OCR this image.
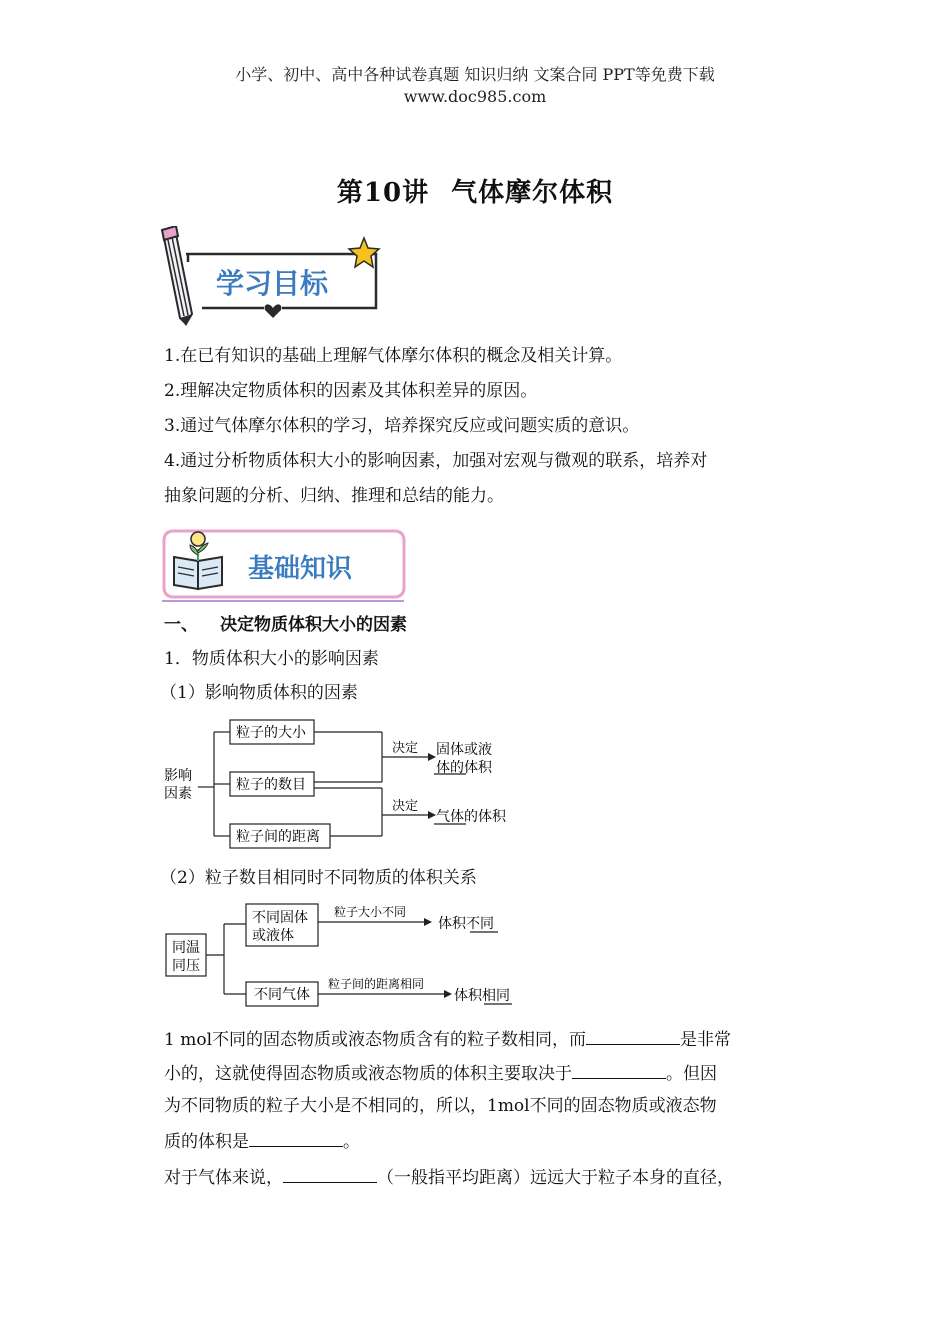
小学、初中、高中各种试卷真题 知识归纳 文案合同 PPT等免费下载
www.doc985.com
第10讲 气体摩尔体积
学习目标
1.在已有知识的基础上理解气体摩尔体积的概念及相关计算。
2.理解决定物质体积的因素及其体积差异的原因。
3.通过气体摩尔体积的学习，培养探究反应或问题实质的意识。
4.通过分析物质体积大小的影响因素，加强对宏观与微观的联系，培养对
抽象问题的分析、归纳、推理和总结的能力。
基础知识
一、 决定物质体积大小的因素
1．物质体积大小的影响因素
（1）影响物质体积的因素
影响
因素
粒子的大小
粒子的数目
粒子间的距离
决定
决定
固体或液
体的体积
气体的体积
（2）粒子数目相同时不同物质的体积关系
同温
同压
不同固体
或液体
不同气体
粒子大小不同
粒子间的距离相同
体积不同
体积相同
1 mol不同的固态物质或液态物质含有的粒子数相同，而	是非常
小的，这就使得固态物质或液态物质的体积主要取决于	。但因
为不同物质的粒子大小是不相同的，所以，1mol不同的固态物质或液态物
质的体积是	。
对于气体来说，	（一般指平均距离）远远大于粒子本身的直径，
